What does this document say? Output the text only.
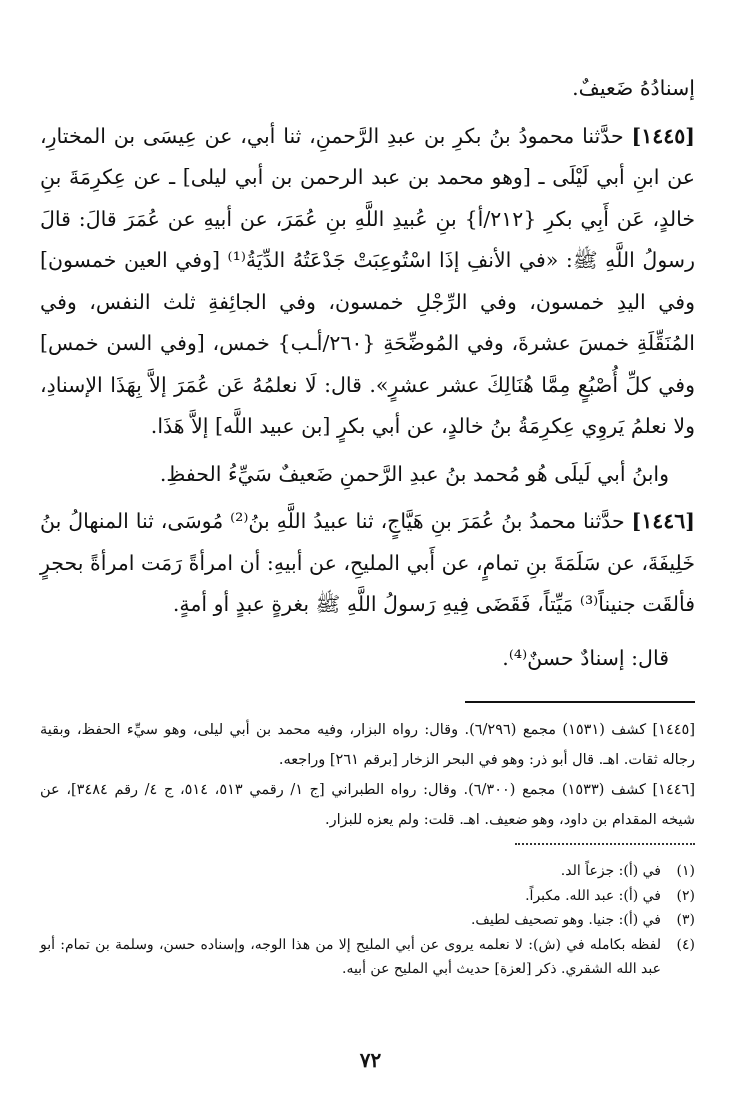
إسنادُهُ ضَعيفٌ.

[١٤٤٥] حدَّثنا محمودُ بنُ بكرِ بن عبدِ الرَّحمنِ، ثنا أبي، عن عِيسَى بن المختارِ، عن ابنِ أبي لَيْلَى ـ [وهو محمد بن عبد الرحمن بن أبي ليلى] ـ عن عِكرِمَةَ بنِ خالدٍ، عَن أَبِي بكرِ {٢١٢/أ} بنِ عُبيدِ اللَّهِ بنِ عُمَرَ، عن أبيهِ عن عُمَرَ قالَ: قالَ رسولُ اللَّهِ ﷺ: «في الأنفِ إذَا اسْتُوعِبَتْ جَدْعَتُهُ الدِّيَةُ⁽¹⁾ [وفي العين خمسون] وفي اليدِ خمسون، وفي الرِّجْلِ خمسون، وفي الجائِفةِ ثلث النفس، وفي المُنَقِّلَةِ خمسَ عشرةَ، وفي المُوضِّحَةِ {٢٦٠/أـب} خمس، [وفي السن خمس] وفي كلِّ أُصْبُعٍ مِمَّا هُنَالِكَ عشر عشرٍ». قال: لَا نعلمُهُ عَن عُمَرَ إلاَّ بِهَذَا الإسنادِ، ولا نعلمُ يَروِي عِكرِمَةُ بنُ خالدٍ، عن أبي بكرٍ [بن عبيد اللَّه] إلاَّ هَذَا.

وابنُ أبي لَيلَى هُو مُحمد بنُ عبدِ الرَّحمنِ ضَعيفٌ سَيِّءُ الحفظِ.

[١٤٤٦] حدَّثنا محمدُ بنُ عُمَرَ بنِ هَيَّاجٍ، ثنا عبيدُ اللَّهِ بنُ⁽²⁾ مُوسَى، ثنا المنهالُ بنُ خَلِيفَةَ، عن سَلَمَةَ بنِ تمامٍ، عن أَبي المليحِ، عن أبيهِ: أن امرأةً رَمَت امرأةً بحجرٍ فألقَت جنيناً⁽³⁾ مَيِّتاً، فَقَضَى فِيهِ رَسولُ اللَّهِ ﷺ بغرةٍ عبدٍ أو أمةٍ.

قال: إسنادٌ حسنٌ⁽⁴⁾.

[١٤٤٥] كشف (١٥٣١) مجمع (٦/٢٩٦). وقال: رواه البزار، وفيه محمد بن أبي ليلى، وهو سيِّء الحفظ، وبقية رجاله ثقات. اهـ. قال أبو ذر: وهو في البحر الزخار [برقم ٢٦١] وراجعه.

[١٤٤٦] كشف (١٥٣٣) مجمع (٦/٣٠٠). وقال: رواه الطبراني [ج ١/ رقمي ٥١٣، ٥١٤، ج ٤/ رقم ٣٤٨٤]، عن شيخه المقدام بن داود، وهو ضعيف. اهـ. قلت: ولم يعزه للبزار.

(١)
في (أ): جزعاً الد.
(٢)
في (أ): عبد الله. مكبراً.
(٣)
في (أ): جنيا. وهو تصحيف لطيف.
(٤)
لفظه بكامله في (ش): لا نعلمه يروى عن أبي المليح إلا من هذا الوجه، وإسناده حسن، وسلمة بن تمام: أبو عبد الله الشقري. ذكر [لعزة] حديث أبي المليح عن أبيه.
٧٢
